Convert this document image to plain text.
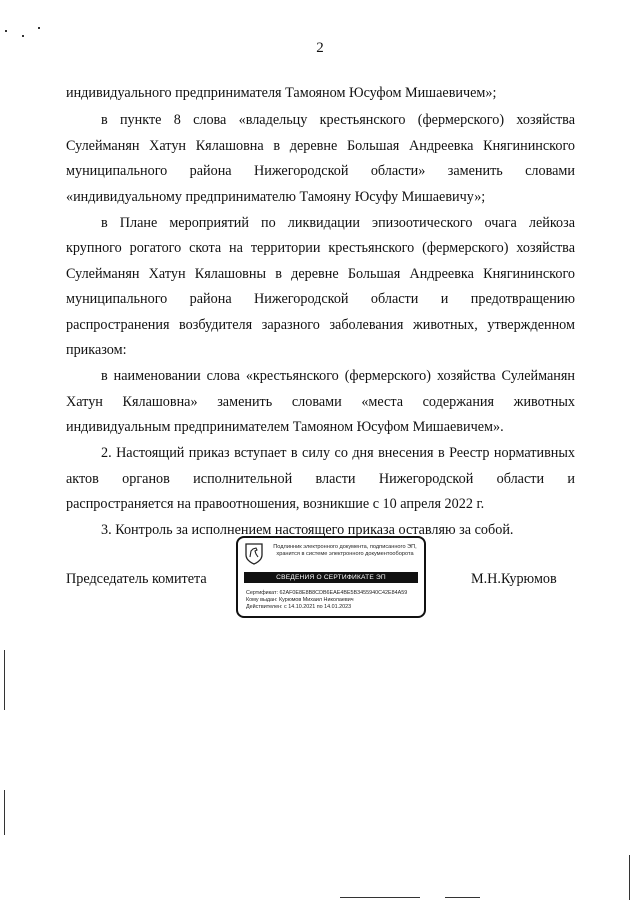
2
индивидуального предпринимателя Тамояном Юсуфом Мишаевичем»;
в пункте 8 слова «владельцу крестьянского (фермерского) хозяйства
Сулейманян Хатун Кялашовна в деревне Большая Андреевка Княгининского
муниципального района Нижегородской области» заменить словами
«индивидуальному предпринимателю Тамояну Юсуфу Мишаевичу»;
в Плане мероприятий по ликвидации эпизоотического очага лейкоза
крупного рогатого скота на территории крестьянского (фермерского) хозяйства
Сулейманян Хатун Кялашовны в деревне Большая Андреевка Княгининского
муниципального района Нижегородской области и предотвращению
распространения возбудителя заразного заболевания животных, утвержденном
приказом:
в наименовании слова «крестьянского (фермерского) хозяйства Сулейманян
Хатун Кялашовна» заменить словами «места содержания животных
индивидуальным предпринимателем Тамояном Юсуфом Мишаевичем».
2. Настоящий приказ вступает в силу со дня внесения в Реестр нормативных
актов органов исполнительной власти Нижегородской области и
распространяется на правоотношения, возникшие с 10 апреля 2022 г.
3. Контроль за исполнением настоящего приказа оставляю за собой.
Председатель комитета	М.Н.Курюмов
Подлинник электронного документа, подписанного ЭП,
хранится в системе электронного документооборота
СВЕДЕНИЯ О СЕРТИФИКАТЕ ЭП
Сертификат: 62AF0E8E8B8CDB6EAE4BE5B3455940C42E84A59
Кому выдан: Курюмов Михаил Николаевич
Действителен: с 14.10.2021 по 14.01.2023
